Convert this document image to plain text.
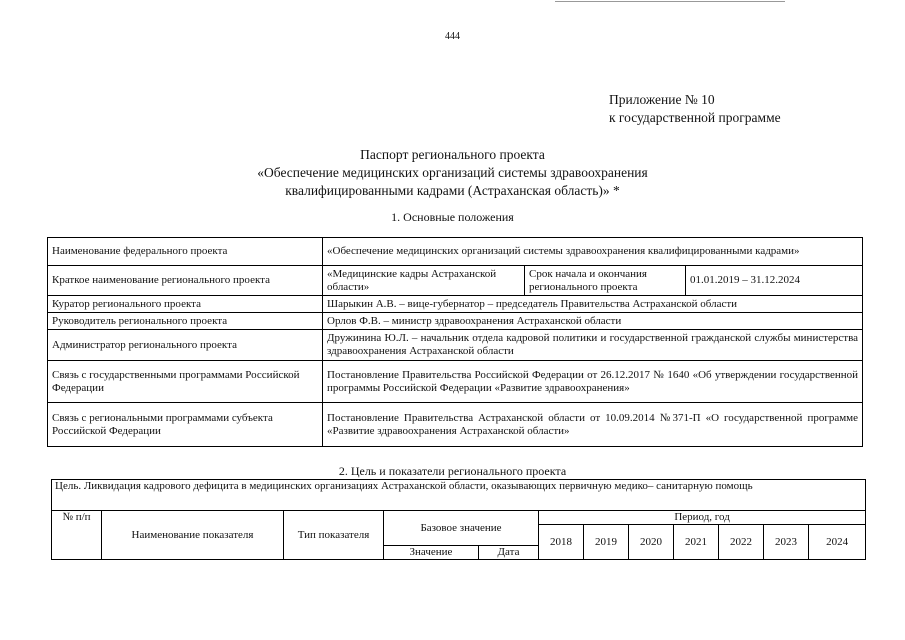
444
Приложение № 10
к государственной программе
Паспорт регионального проекта
«Обеспечение медицинских организаций системы здравоохранения
квалифицированными кадрами (Астраханская область)» *
1. Основные положения
Наименование федерального проекта	«Обеспечение медицинских организаций системы здравоохранения квалифицированными кадрами»		
Краткое наименование регионального проекта	«Медицинские кадры Астраханской области»	Срок начала и окончания регионального проекта	01.01.2019 – 31.12.2024
Куратор регионального проекта	Шарыкин А.В. – вице-губернатор – председатель Правительства Астраханской области		
Руководитель регионального проекта	Орлов Ф.В. – министр здравоохранения Астраханской области		
Администратор регионального проекта	Дружинина Ю.Л. – начальник отдела кадровой политики и государственной гражданской службы министерства здравоохранения Астраханской области		
Связь с государственными программами Российской Федерации	Постановление Правительства Российской Федерации от 26.12.2017 № 1640 «Об утверждении государственной программы Российской Федерации «Развитие здравоохранения»		
Связь с региональными программами субъекта Российской Федерации	Постановление Правительства Астраханской области от 10.09.2014 №371-П «О государственной программе «Развитие здравоохранения Астраханской области»		
2. Цель и показатели регионального проекта
Цель. Ликвидация кадрового дефицита в медицинских организациях Астраханской области, оказывающих первичную медико– санитарную помощь											
№ п/п	Наименование показателя	Тип показателя	Базовое значение		Период, год						
					2018	2019	2020	2021	2022	2023	2024
			Значение	Дата							
